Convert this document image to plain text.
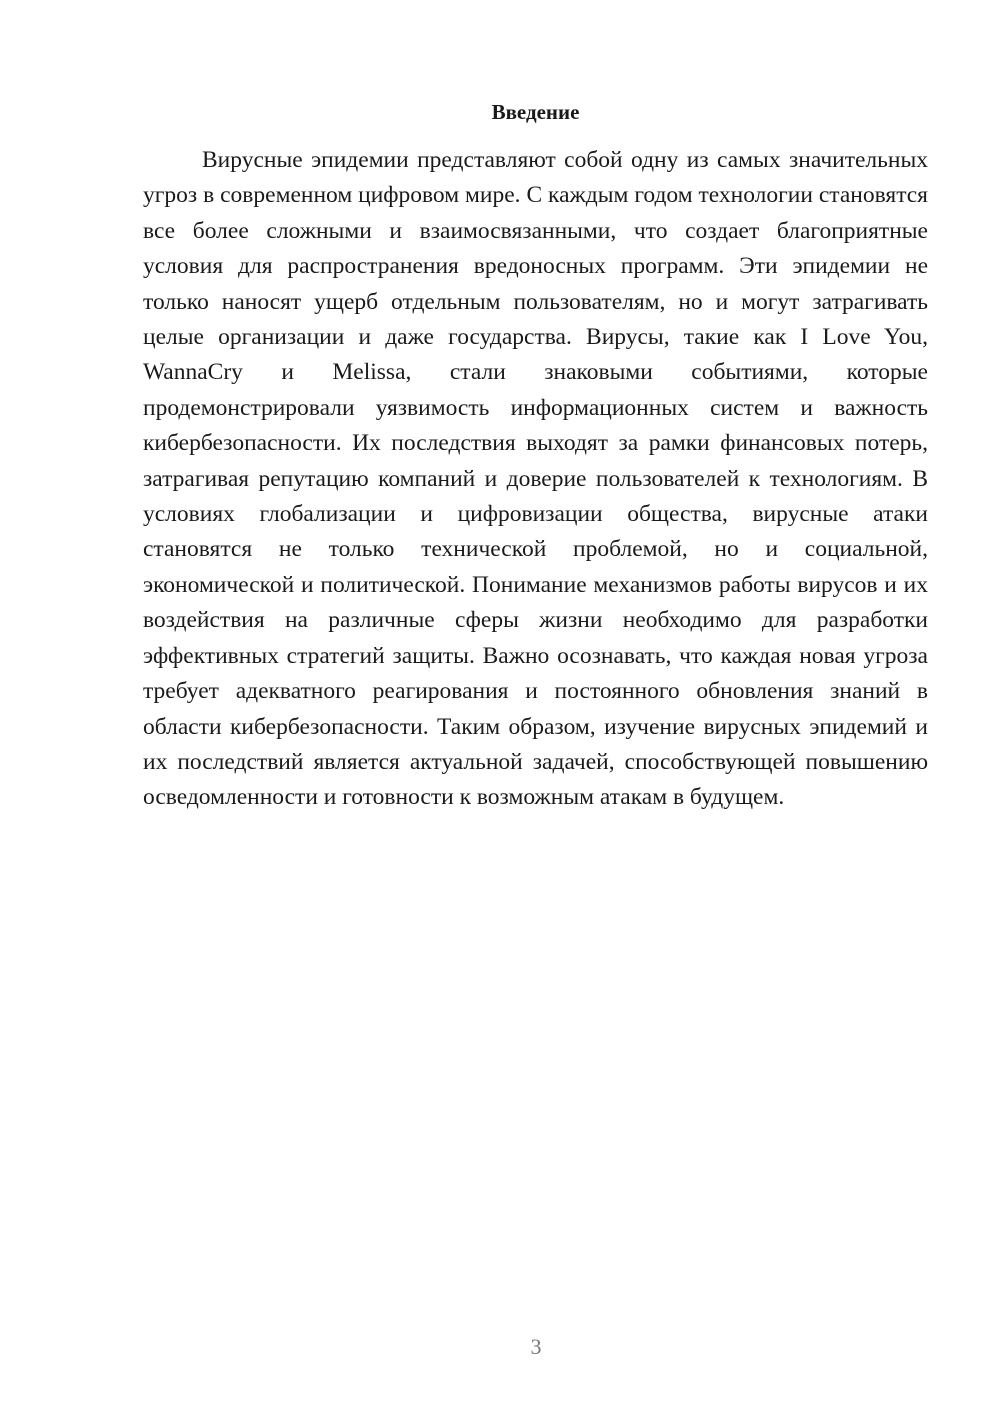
Введение

Вирусные эпидемии представляют собой одну из самых значительных угроз в современном цифровом мире. С каждым годом технологии становятся все более сложными и взаимосвязанными, что создает благоприятные условия для распространения вредоносных программ. Эти эпидемии не только наносят ущерб отдельным пользователям, но и могут затрагивать целые организации и даже государства. Вирусы, такие как I Love You, WannaCry и Melissa, стали знаковыми событиями, которые продемонстрировали уязвимость информационных систем и важность кибербезопасности. Их последствия выходят за рамки финансовых потерь, затрагивая репутацию компаний и доверие пользователей к технологиям. В условиях глобализации и цифровизации общества, вирусные атаки становятся не только технической проблемой, но и социальной, экономической и политической. Понимание механизмов работы вирусов и их воздействия на различные сферы жизни необходимо для разработки эффективных стратегий защиты. Важно осознавать, что каждая новая угроза требует адекватного реагирования и постоянного обновления знаний в области кибербезопасности. Таким образом, изучение вирусных эпидемий и их последствий является актуальной задачей, способствующей повышению осведомленности и готовности к возможным атакам в будущем.

3
